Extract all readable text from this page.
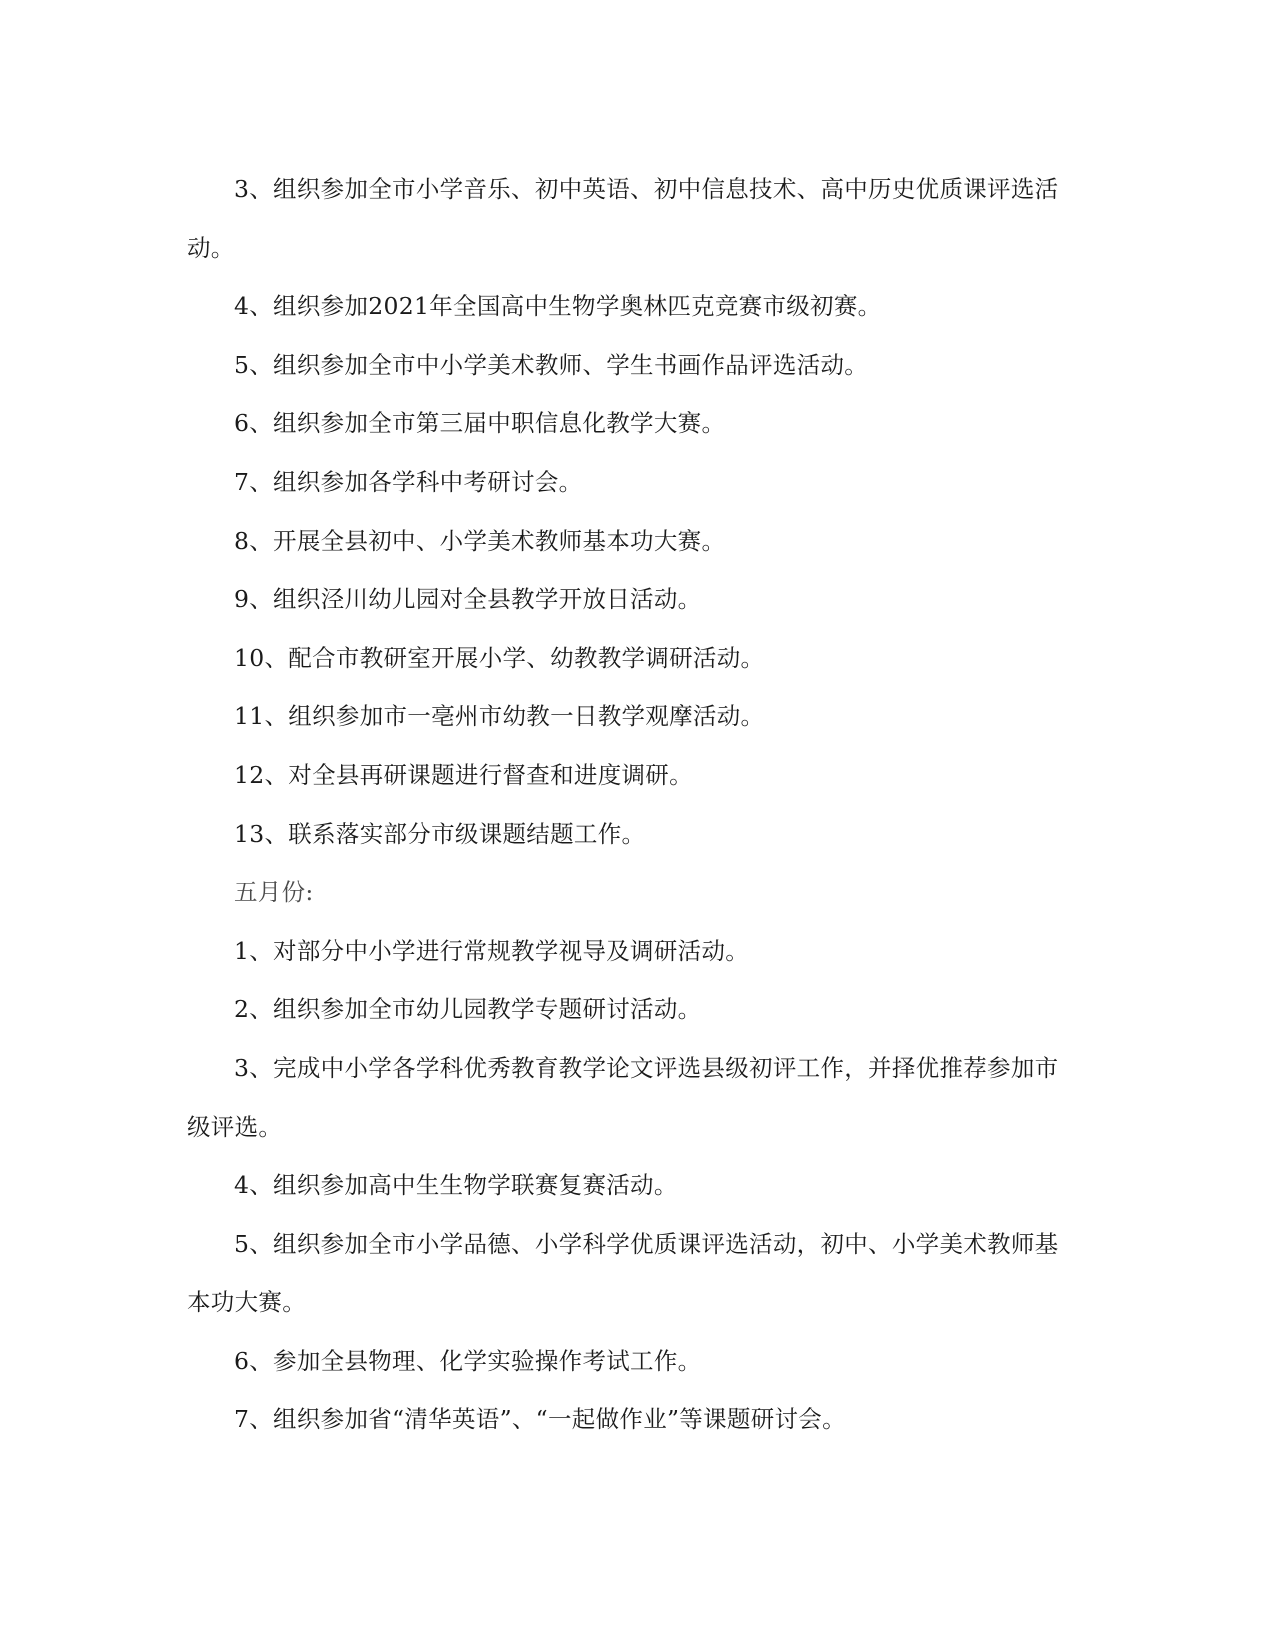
3、组织参加全市小学音乐、初中英语、初中信息技术、高中历史优质课评选活动。

4、组织参加2021年全国高中生物学奥林匹克竞赛市级初赛。

5、组织参加全市中小学美术教师、学生书画作品评选活动。

6、组织参加全市第三届中职信息化教学大赛。

7、组织参加各学科中考研讨会。

8、开展全县初中、小学美术教师基本功大赛。

9、组织泾川幼儿园对全县教学开放日活动。

10、配合市教研室开展小学、幼教教学调研活动。

11、组织参加市一亳州市幼教一日教学观摩活动。

12、对全县再研课题进行督查和进度调研。

13、联系落实部分市级课题结题工作。

五月份:

1、对部分中小学进行常规教学视导及调研活动。

2、组织参加全市幼儿园教学专题研讨活动。

3、完成中小学各学科优秀教育教学论文评选县级初评工作，并择优推荐参加市级评选。

4、组织参加高中生生物学联赛复赛活动。

5、组织参加全市小学品德、小学科学优质课评选活动，初中、小学美术教师基本功大赛。

6、参加全县物理、化学实验操作考试工作。

7、组织参加省“清华英语”、“一起做作业”等课题研讨会。
